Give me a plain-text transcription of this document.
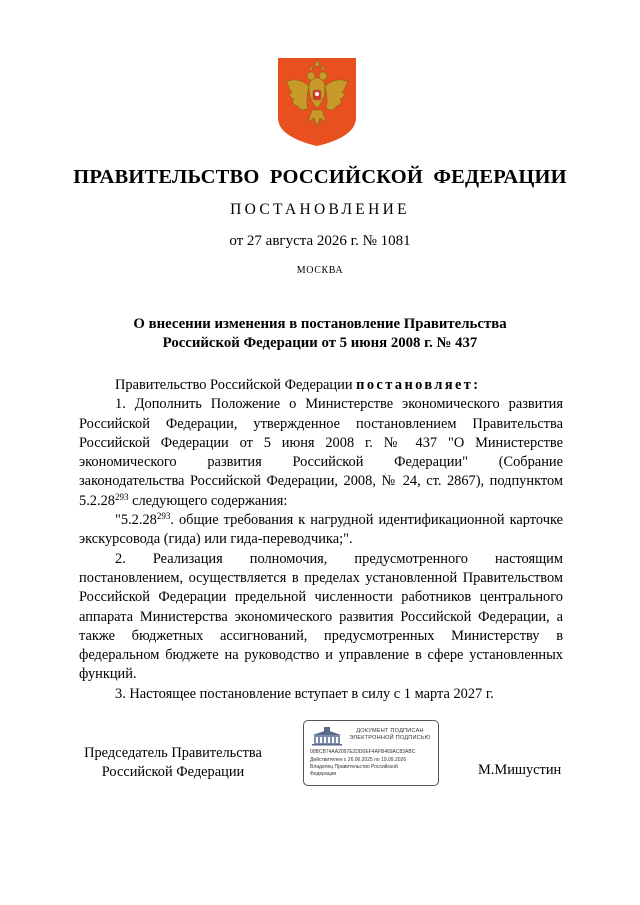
ПРАВИТЕЛЬСТВО РОССИЙСКОЙ ФЕДЕРАЦИИ
ПОСТАНОВЛЕНИЕ
от 27 августа 2026 г. № 1081
МОСКВА
О внесении изменения в постановление Правительства
Российской Федерации от 5 июня 2008 г. № 437

Правительство Российской Федерации постановляет:

1. Дополнить Положение о Министерстве экономического развития Российской Федерации, утвержденное постановлением Правительства Российской Федерации от 5 июня 2008 г. № 437 "О Министерстве экономического развития Российской Федерации" (Собрание законодательства Российской Федерации, 2008, № 24, ст. 2867), подпунктом 5.2.28$^{293}$ следующего содержания:

"5.2.28$^{293}$. общие требования к нагрудной идентификационной карточке экскурсовода (гида) или гида-переводчика;".

2. Реализация полномочия, предусмотренного настоящим постановлением, осуществляется в пределах установленной Правительством Российской Федерации предельной численности работников центрального аппарата Министерства экономического развития Российской Федерации, а также бюджетных ассигнований, предусмотренных Министерству в федеральном бюджете на руководство и управление в сфере установленных функций.

3. Настоящее постановление вступает в силу с 1 марта 2027 г.

Председатель Правительства
Российской Федерации	М.Мишустин
ДОКУМЕНТ ПОДПИСАН
ЭЛЕКТРОННОЙ ПОДПИСЬЮ
00BCB74AA2097E2DD0EF4AFB469AC83ABC
Действителен с 26.06.2025 по 19.09.2026
Владелец Правительство Российской
Федерации
